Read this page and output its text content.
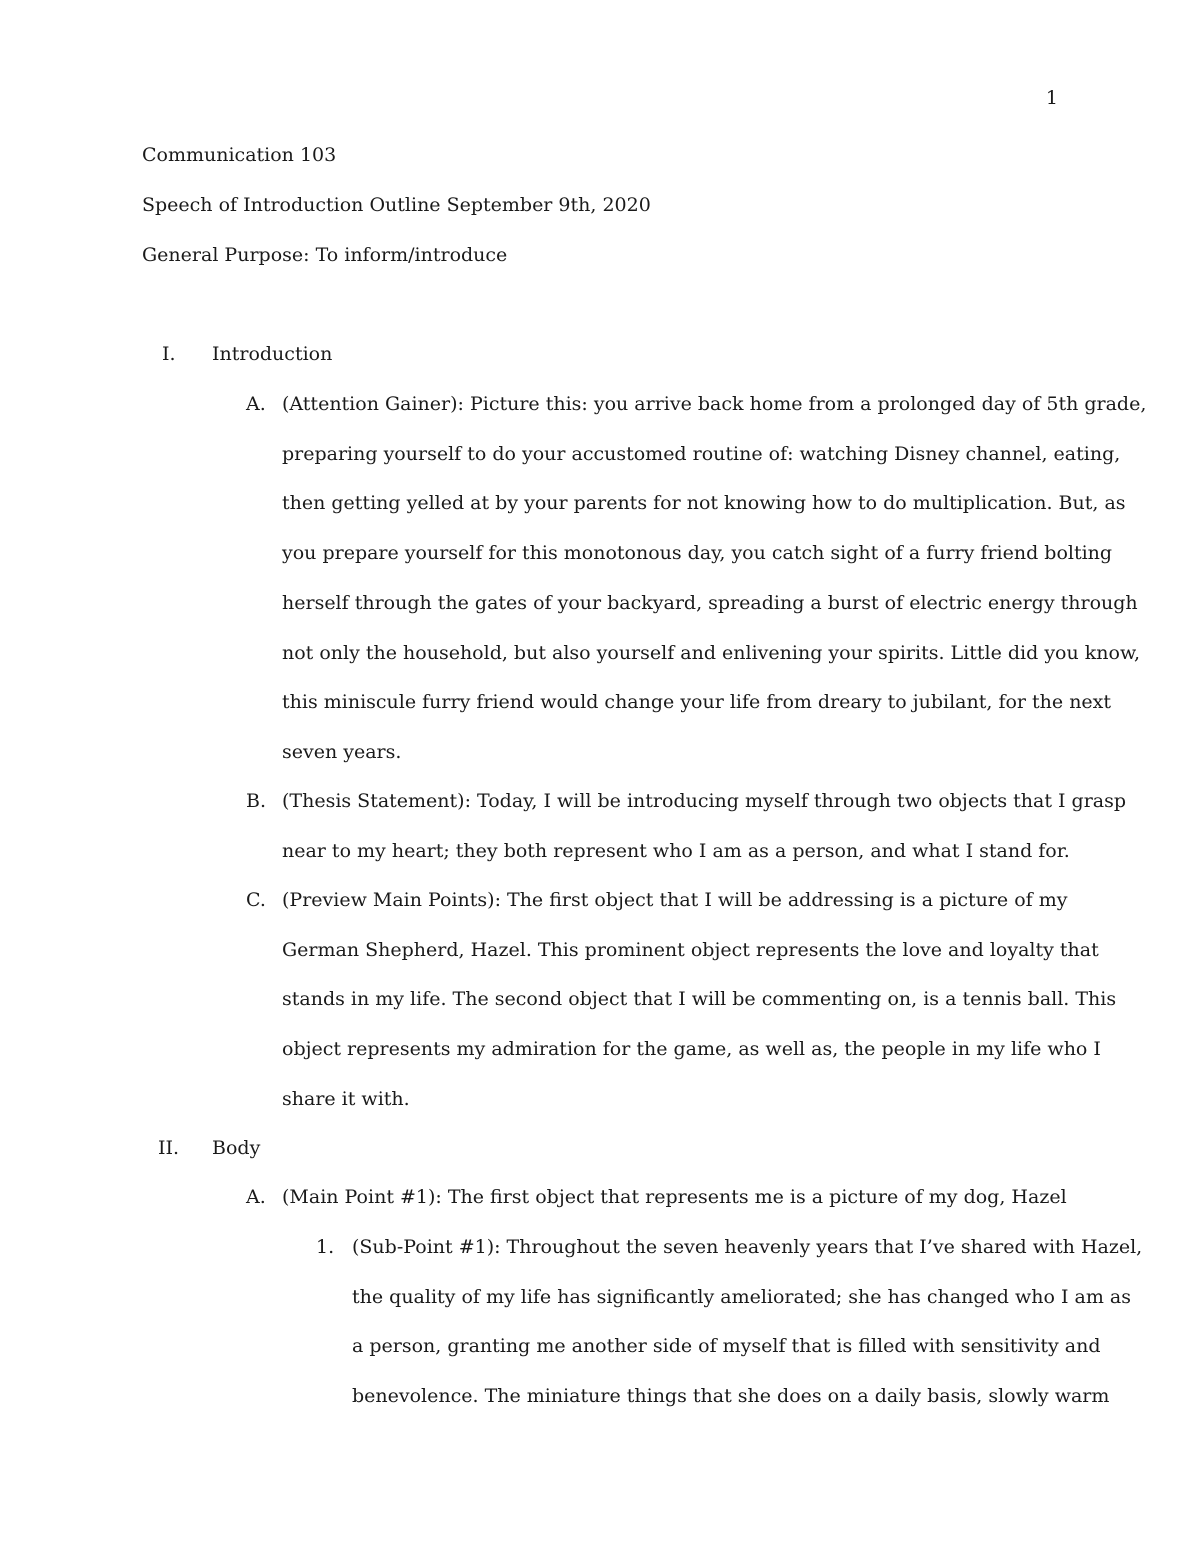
1
Communication 103
Speech of Introduction Outline September 9th, 2020
General Purpose: To inform/introduce
I. Introduction
A. (Attention Gainer): Picture this: you arrive back home from a prolonged day of 5th grade,
preparing yourself to do your accustomed routine of: watching Disney channel, eating,
then getting yelled at by your parents for not knowing how to do multiplication. But, as
you prepare yourself for this monotonous day, you catch sight of a furry friend bolting
herself through the gates of your backyard, spreading a burst of electric energy through
not only the household, but also yourself and enlivening your spirits. Little did you know,
this miniscule furry friend would change your life from dreary to jubilant, for the next
seven years.
B. (Thesis Statement): Today, I will be introducing myself through two objects that I grasp
near to my heart; they both represent who I am as a person, and what I stand for.
C. (Preview Main Points): The first object that I will be addressing is a picture of my
German Shepherd, Hazel. This prominent object represents the love and loyalty that
stands in my life. The second object that I will be commenting on, is a tennis ball. This
object represents my admiration for the game, as well as, the people in my life who I
share it with.
II. Body
A. (Main Point #1): The first object that represents me is a picture of my dog, Hazel
1. (Sub-Point #1): Throughout the seven heavenly years that I’ve shared with Hazel,
the quality of my life has significantly ameliorated; she has changed who I am as
a person, granting me another side of myself that is filled with sensitivity and
benevolence. The miniature things that she does on a daily basis, slowly warm
